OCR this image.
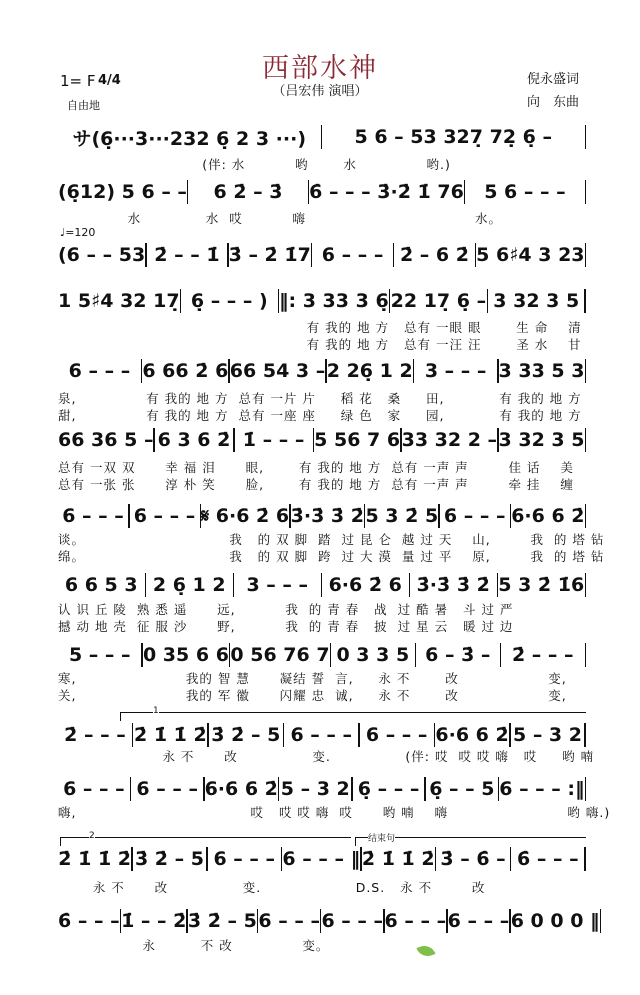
西部水神
（吕宏伟 演唱）
1= F 4/4
自由地
♩=120
倪永盛词
向　东曲
サ(6̣···3···232 6̣ 2 3 ···)	5 6 – 53 327̣ 72̣ 6̣ –
(6̣12) 5 6 – –	6 2̇ – 3̇	6̇ – – – 3̇·2̇ 1̇ 76	5 6 – – –
(6 – – 53 2̇ – – 1̇ 3̇ – 2̇ 1̇7 6 – – – 2̇ – 6 2̇ 5 6♯4 3 23
1 5♯4 32 17̣ 6̣ – – – ) ‖: 3 33 3 6̣ 22 17̣ 6̣ – 3 32 3 5
6 – – – 6 66 2̇ 6 66 54 3 – 2 26̣ 1 2 3 – – – 3 33 5 3
66 36 5 – 6 3 6 2̇ 1̇ – – – 5 56 7 6 33 32 2 – 3 32 3 5
6 – – – 6 – – – 𝄋 6·6 2̇ 6 3̇·3̇ 3̇ 2̇ 5 3 2̇ 5 6 – – – 6·6 6 2̇
6 6 5 3 2 6̣ 1 2	3 – – –	6·6 2̇ 6 3̇·3̇ 3̇ 2̇ 5 3 2̇ 1̇6
5 – – – 0 35 6 6 0 56 76 7 0 3 3 5 6 – 3̇ –	2̇ – – –
2̇ – – – 2̇ 1̇ 1̇ 2̇ 3̇ 2̇ – 5 6 – – – 6 – – – 6·6 6 2̇ 5 – 3 2
6 – – – 6 – – – 6·6 6 2̇ 5 – 3 2 6̣ – – – 6̣ – – 5 6 – – – :‖
2̇ 1̇ 1̇ 2̇ 3̇ 2̇ – 5 6 – – – 6 – – – ‖ 2̇ 1̇ 1̇ 2̇ 3̇ – 6̇ – 6̇ – – –
6̇ – – – 1̇ – – 2̇ 3̇ 2̇ – 5 6 – – – 6 – – – 6 – – – 6 – – – 6 0 0 0 ‖
(伴: 水          哟       水              哟.)
水             水  哎          嗨                                  水。
有 我的 地 方   总有 一眼 眼       生 命    清
有 我的 地 方   总有 一汪 汪       圣 水    甘
泉,              有 我的 地 方  总有 一片 片     稻 花   桑     田,           有 我的 地 方
甜,              有 我的 地 方  总有 一座 座     绿 色   家     园,           有 我的 地 方
总有 一双 双      幸 福 泪      眼,       有 我的 地 方  总有 一声 声        佳 话    美
总有 一张 张      淳 朴 笑      脸,       有 我的 地 方  总有 一声 声        牵 挂    缠
谈。                             我   的 双 脚  踏  过 昆 仑  越 过 天    山,        我  的 塔 钻
绵。                             我   的 双 脚  跨  过 大 漠  量 过 平    原,        我  的 塔 钻
认 识 丘 陵  熟 悉 遥      远,          我  的 青 春   战  过 酷 暑   斗 过 严
撼 动 地 壳  征 服 沙      野,          我  的 青 春   披  过 星 云   暖 过 边
寒,                      我的 智 慧      凝结 誓  言,     永 不       改                  变,
关,                      我的 军 徽      闪耀 忠  诚,     永 不       改                  变,
永 不      改               变.               (伴: 哎  哎 哎 嗨   哎     哟 喃
嗨,                                   哎   哎 哎 嗨  哎      哟 喃    嗨                        哟 嗨.)
永 不      改               变.                   D.S.   永 不        改
永         不 改              变。
1
2	结束句
